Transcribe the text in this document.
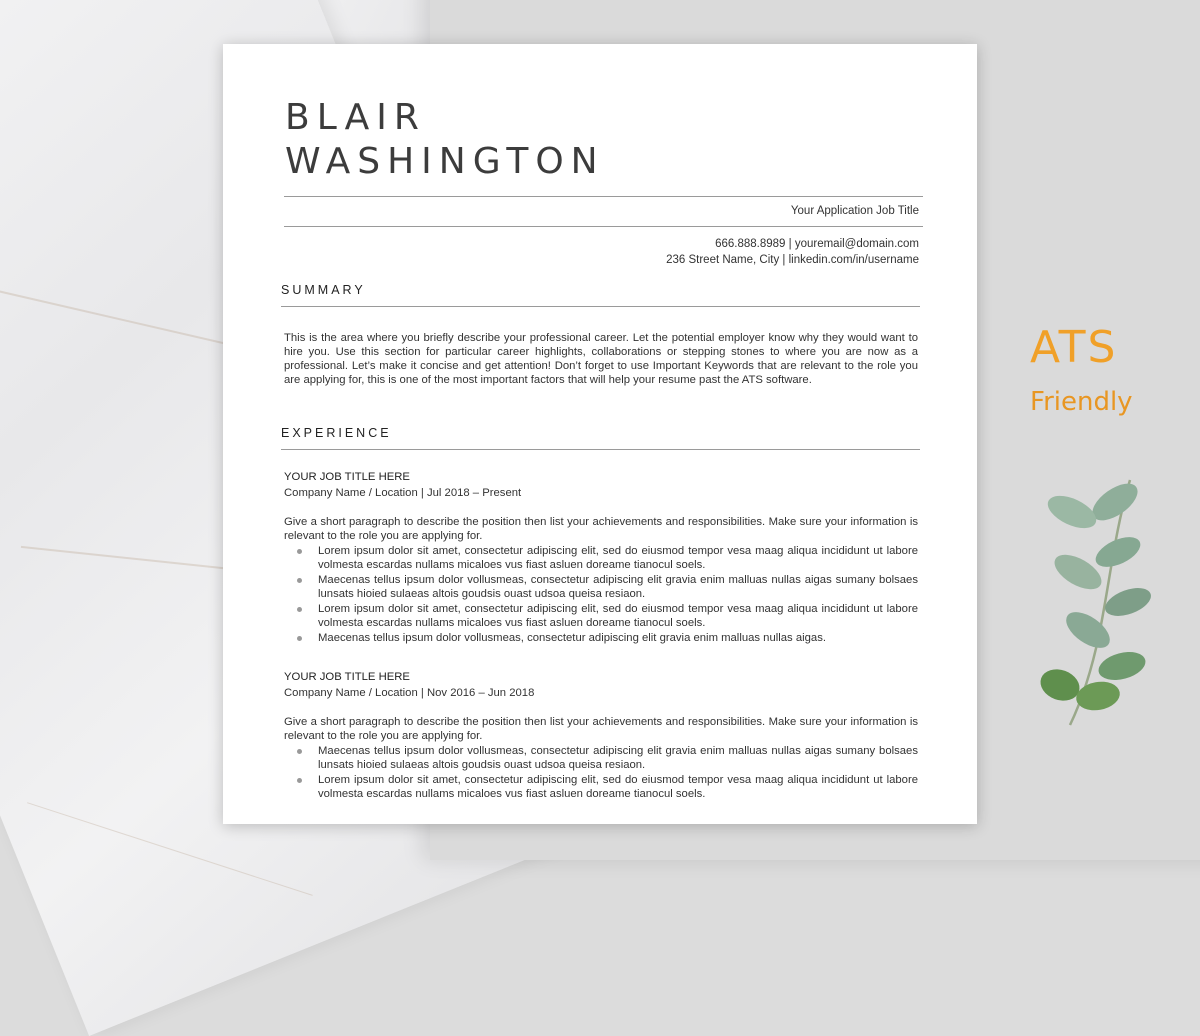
BLAIR
WASHINGTON
Your Application Job Title
666.888.8989 | youremail@domain.com
236 Street Name, City | linkedin.com/in/username
SUMMARY
This is the area where you briefly describe your professional career. Let the potential employer know why they would want to hire you. Use this section for particular career highlights, collaborations or stepping stones to where you are now as a professional. Let’s make it concise and get attention! Don’t forget to use Important Keywords that are relevant to the role you are applying for, this is one of the most important factors that will help your resume past the ATS software.
EXPERIENCE
YOUR JOB TITLE HERE
Company Name / Location | Jul 2018 – Present
Give a short paragraph to describe the position then list your achievements and responsibilities. Make sure your information is relevant to the role you are applying for.
Lorem ipsum dolor sit amet, consectetur adipiscing elit, sed do eiusmod tempor vesa maag aliqua incididunt ut labore volmesta escardas nullams micaloes vus fiast asluen doreame tianocul soels.
Maecenas tellus ipsum dolor vollusmeas, consectetur adipiscing elit gravia enim malluas nullas aigas sumany bolsaes lunsats hioied sulaeas altois goudsis ouast udsoa queisa resiaon.
Lorem ipsum dolor sit amet, consectetur adipiscing elit, sed do eiusmod tempor vesa maag aliqua incididunt ut labore volmesta escardas nullams micaloes vus fiast asluen doreame tianocul soels.
Maecenas tellus ipsum dolor vollusmeas, consectetur adipiscing elit gravia enim malluas nullas aigas.
YOUR JOB TITLE HERE
Company Name / Location | Nov 2016 – Jun 2018
Give a short paragraph to describe the position then list your achievements and responsibilities. Make sure your information is relevant to the role you are applying for.
Maecenas tellus ipsum dolor vollusmeas, consectetur adipiscing elit gravia enim malluas nullas aigas sumany bolsaes lunsats hioied sulaeas altois goudsis ouast udsoa queisa resiaon.
Lorem ipsum dolor sit amet, consectetur adipiscing elit, sed do eiusmod tempor vesa maag aliqua incididunt ut labore volmesta escardas nullams micaloes vus fiast asluen doreame tianocul soels.
ATS
Friendly
